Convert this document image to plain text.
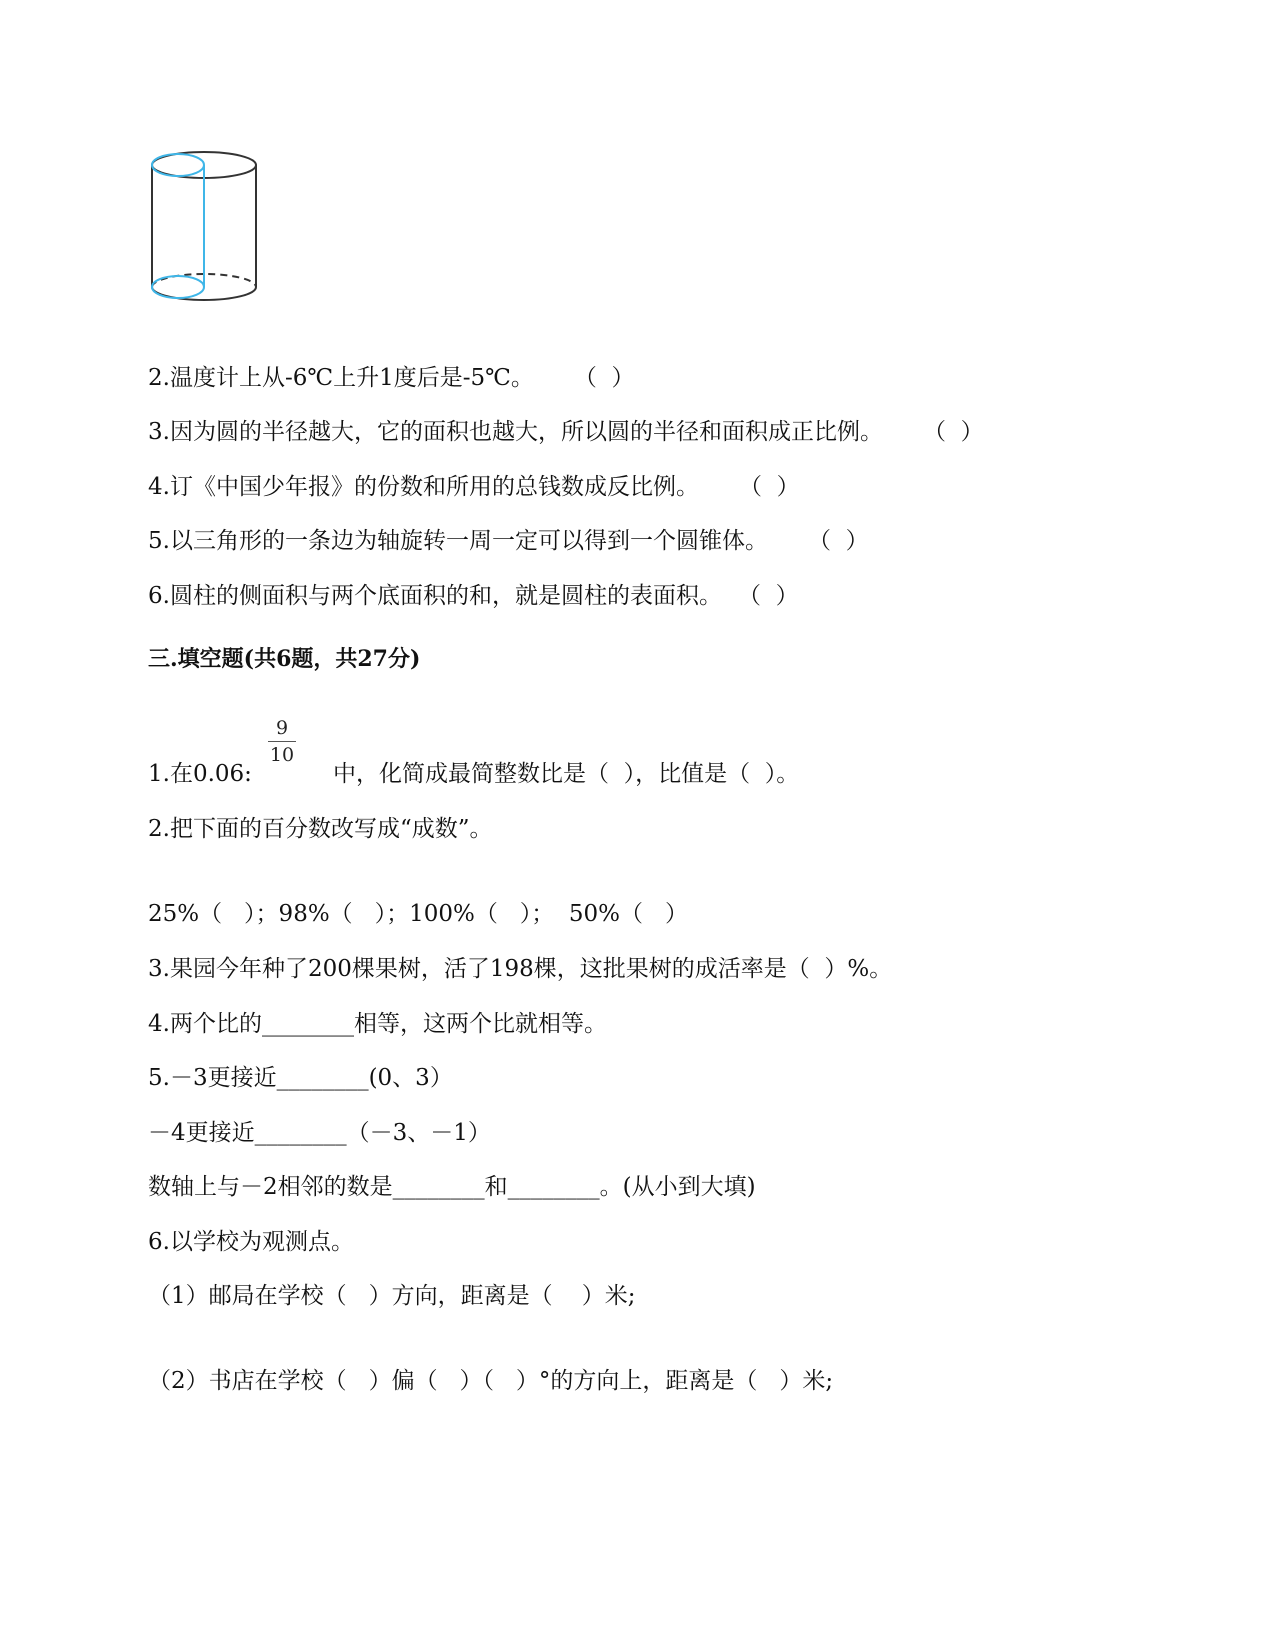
2.温度计上从-6℃上升1度后是-5℃。 （  ）
3.因为圆的半径越大，它的面积也越大，所以圆的半径和面积成正比例。 （  ）
4.订《中国少年报》的份数和所用的总钱数成反比例。 （  ）
5.以三角形的一条边为轴旋转一周一定可以得到一个圆锥体。 （  ）
6.圆柱的侧面积与两个底面积的和，就是圆柱的表面积。 （  ）
三.填空题(共6题，共27分)
9
10
1.在0.06:	中，化简成最简整数比是（  ），比值是（  ）。
2.把下面的百分数改写成“成数”。
25%（   ）；98%（   ）；100%（   ）；  50%（   ）
3.果园今年种了200棵果树，活了198棵，这批果树的成活率是（  ）%。
4.两个比的________相等，这两个比就相等。
5.－3更接近________(0、3）
－4更接近________（－3、－1）
数轴上与－2相邻的数是________和________。(从小到大填)
6.以学校为观测点。
（1）邮局在学校（   ）方向，距离是（    ）米;
（2）书店在学校（   ）偏（   ）（   ）°的方向上，距离是（   ）米;
